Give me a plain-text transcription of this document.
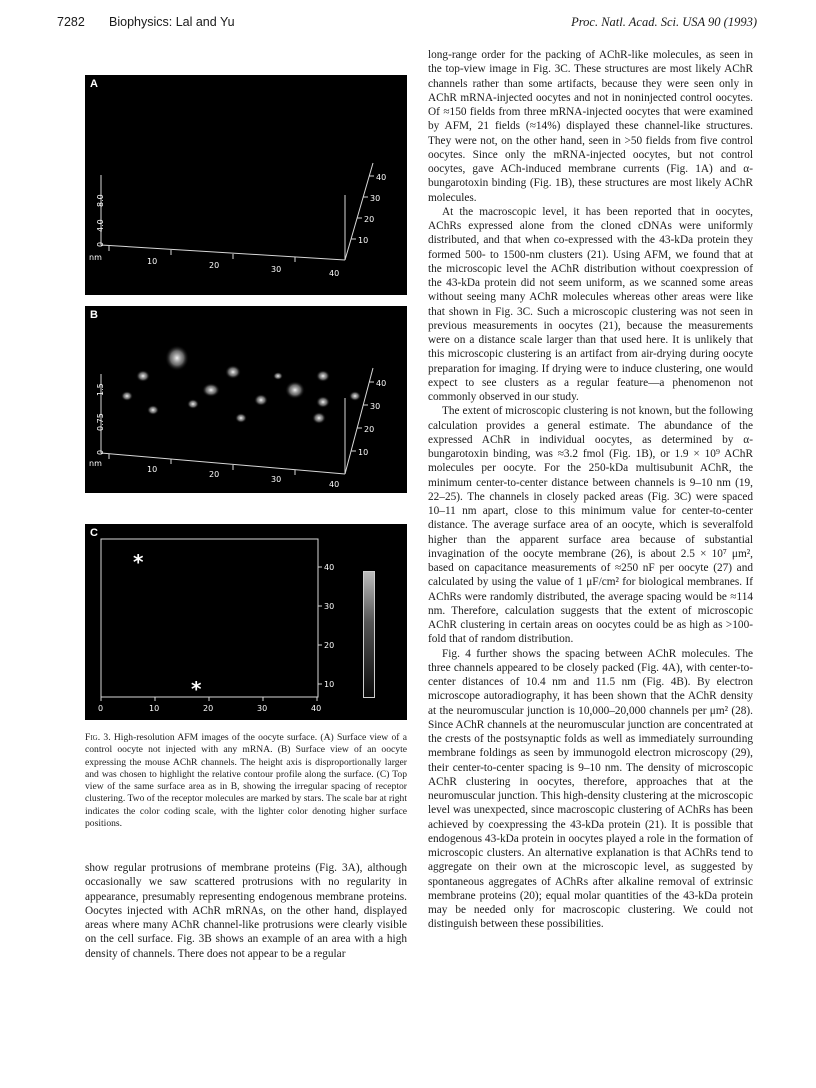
7282 Biophysics: Lal and Yu	Proc. Natl. Acad. Sci. USA 90 (1993)
8.0
4.0
0
nm	10	20	30	40
10
20
30
40
A
1.5
0.75
0
nm
10
20
30
40
10
20
30
40
B
0	10	20	30	40
40
30
20
10
*
*
C
Fig. 3. High-resolution AFM images of the oocyte surface. (A) Surface view of a control oocyte not injected with any mRNA. (B) Surface view of an oocyte expressing the mouse AChR channels. The height axis is disproportionally larger and was chosen to highlight the relative contour profile along the surface. (C) Top view of the same surface area as in B, showing the irregular spacing of receptor clustering. Two of the receptor molecules are marked by stars. The scale bar at right indicates the color coding scale, with the lighter color denoting higher surface positions.

show regular protrusions of membrane proteins (Fig. 3A), although occasionally we saw scattered protrusions with no regularity in appearance, presumably representing endogenous membrane proteins. Oocytes injected with AChR mRNAs, on the other hand, displayed areas where many AChR channel-like protrusions were clearly visible on the cell surface. Fig. 3B shows an example of an area with a high density of channels. There does not appear to be a regular

long-range order for the packing of AChR-like molecules, as seen in the top-view image in Fig. 3C. These structures are most likely AChR channels rather than some artifacts, because they were seen only in AChR mRNA-injected oocytes and not in noninjected control oocytes. Of ≈150 fields from three mRNA-injected oocytes that were examined by AFM, 21 fields (≈14%) displayed these channel-like structures. They were not, on the other hand, seen in >50 fields from five control oocytes. Since only the mRNA-injected oocytes, but not control oocytes, gave ACh-induced membrane currents (Fig. 1A) and α-bungarotoxin binding (Fig. 1B), these structures are most likely AChR molecules.

At the macroscopic level, it has been reported that in oocytes, AChRs expressed alone from the cloned cDNAs were uniformly distributed, and that when co-expressed with the 43-kDa protein they formed 500- to 1500-nm clusters (21). Using AFM, we found that at the microscopic level the AChR distribution without coexpression of the 43-kDa protein did not seem uniform, as we scanned some areas without seeing many AChR molecules whereas other areas were like that shown in Fig. 3C. Such a microscopic clustering was not seen in previous measurements in oocytes (21), because the measurements were on a distance scale larger than that used here. It is unlikely that this microscopic clustering is an artifact from air-drying during oocyte preparation for imaging. If drying were to induce clustering, one would expect to see clusters as a regular feature—a phenomenon not commonly observed in our study.

The extent of microscopic clustering is not known, but the following calculation provides a general estimate. The abundance of the expressed AChR in individual oocytes, as determined by α-bungarotoxin binding, was ≈3.2 fmol (Fig. 1B), or 1.9 × 10⁹ AChR molecules per oocyte. For the 250-kDa multisubunit AChR, the minimum center-to-center distance between channels is 9–10 nm (19, 22–25). The channels in closely packed areas (Fig. 3C) were spaced 10–11 nm apart, close to this minimum value for center-to-center distance. The average surface area of an oocyte, which is severalfold higher than the apparent surface area because of substantial invagination of the oocyte membrane (26), is about 2.5 × 10⁷ μm², based on capacitance measurements of ≈250 nF per oocyte (27) and calculated by using the value of 1 μF/cm² for biological membranes. If AChRs were randomly distributed, the average spacing would be ≈114 nm. Therefore, calculation suggests that the extent of microscopic AChR clustering in certain areas on oocytes could be as high as >100-fold that of random distribution.

Fig. 4 further shows the spacing between AChR molecules. The three channels appeared to be closely packed (Fig. 4A), with center-to-center distances of 10.4 nm and 11.5 nm (Fig. 4B). By electron microscope autoradiography, it has been shown that the AChR density at the neuromuscular junction is 10,000–20,000 channels per μm² (28). Since AChR channels at the neuromuscular junction are concentrated at the crests of the postsynaptic folds as well as immediately surrounding membrane foldings as seen by immunogold electron microscopy (29), their center-to-center spacing is 9–10 nm. The density of microscopic AChR clustering in oocytes, therefore, approaches that at the neuromuscular junction. This high-density clustering at the microscopic level was unexpected, since macroscopic clustering of AChRs has been achieved by coexpressing the 43-kDa protein (21). It is possible that endogenous 43-kDa protein in oocytes played a role in the formation of microscopic clusters. An alternative explanation is that AChRs tend to aggregate on their own at the microscopic level, as suggested by spontaneous aggregates of AChRs after alkaline removal of extrinsic membrane proteins (20); equal molar quantities of the 43-kDa protein may be needed only for macroscopic clustering. We could not distinguish between these possibilities.
